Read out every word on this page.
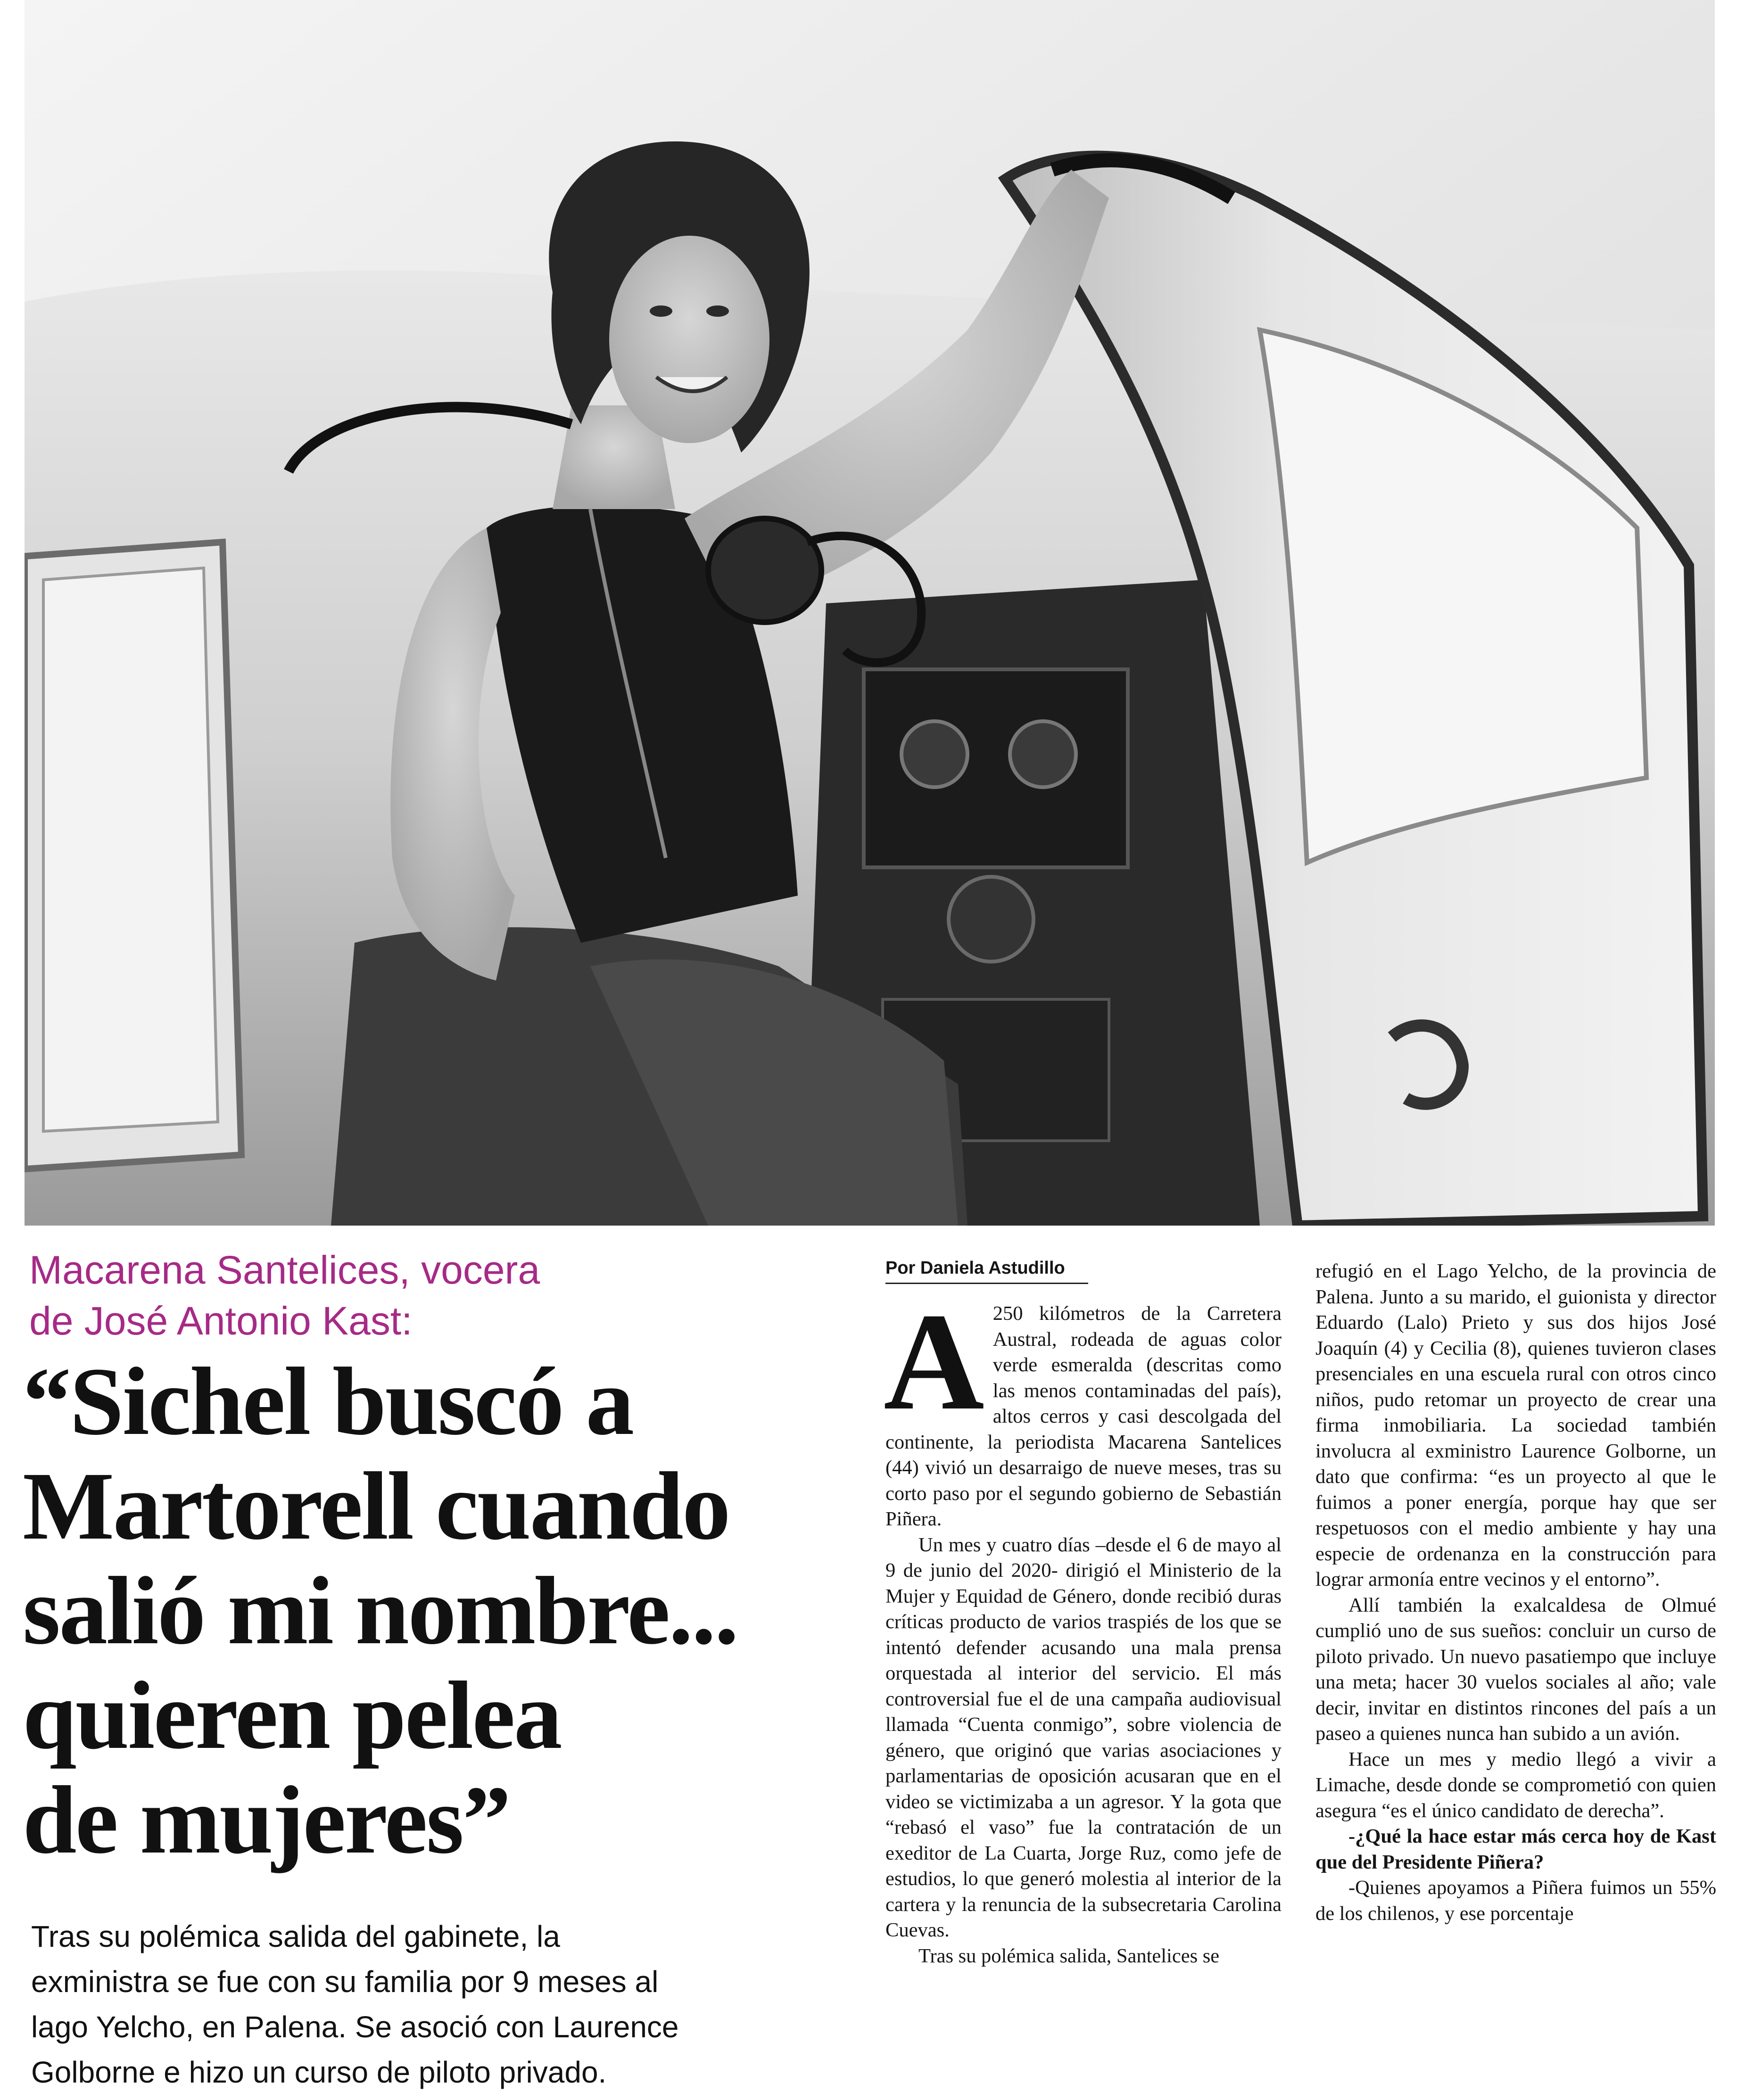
Macarena Santelices, vocera
de José Antonio Kast:
“Sichel buscó a
Martorell cuando
salió mi nombre...
quieren pelea
de mujeres”
Tras su polémica salida del gabinete, la
exministra se fue con su familia por 9 meses al
lago Yelcho, en Palena. Se asoció con Laurence
Golborne e hizo un curso de piloto privado.
Por Daniela Astudillo

A 250 kilómetros de la Carretera Austral, rodeada de aguas color verde esmeralda (descritas como las menos contaminadas del país), altos cerros y casi descolgada del continente, la periodista Macarena Santelices (44) vivió un desarraigo de nueve meses, tras su corto paso por el segundo gobierno de Sebastián Piñera.

Un mes y cuatro días –desde el 6 de mayo al 9 de junio del 2020- dirigió el Ministerio de la Mujer y Equidad de Género, donde recibió duras críticas producto de varios traspiés de los que se intentó defender acusando una mala prensa orquestada al interior del servicio. El más controversial fue el de una campaña audiovisual llamada “Cuenta conmigo”, sobre violencia de género, que originó que varias asociaciones y parlamentarias de oposición acusaran que en el video se victimizaba a un agresor. Y la gota que “rebasó el vaso” fue la contratación de un exeditor de La Cuarta, Jorge Ruz, como jefe de estudios, lo que generó molestia al interior de la cartera y la renuncia de la subsecretaria Carolina Cuevas.

Tras su polémica salida, Santelices se

refugió en el Lago Yelcho, de la provincia de Palena. Junto a su marido, el guionista y director Eduardo (Lalo) Prieto y sus dos hijos José Joaquín (4) y Cecilia (8), quienes tuvieron clases presenciales en una escuela rural con otros cinco niños, pudo retomar un proyecto de crear una firma inmobiliaria. La sociedad también involucra al exministro Laurence Golborne, un dato que confirma: “es un proyecto al que le fuimos a poner energía, porque hay que ser respetuosos con el medio ambiente y hay una especie de ordenanza en la construcción para lograr armonía entre vecinos y el entorno”.

Allí también la exalcaldesa de Olmué cumplió uno de sus sueños: concluir un curso de piloto privado. Un nuevo pasatiempo que incluye una meta; hacer 30 vuelos sociales al año; vale decir, invitar en distintos rincones del país a un paseo a quienes nunca han subido a un avión.

Hace un mes y medio llegó a vivir a Limache, desde donde se comprometió con quien asegura “es el único candidato de derecha”.

-¿Qué la hace estar más cerca hoy de Kast que del Presidente Piñera?

-Quienes apoyamos a Piñera fuimos un 55% de los chilenos, y ese porcentaje
